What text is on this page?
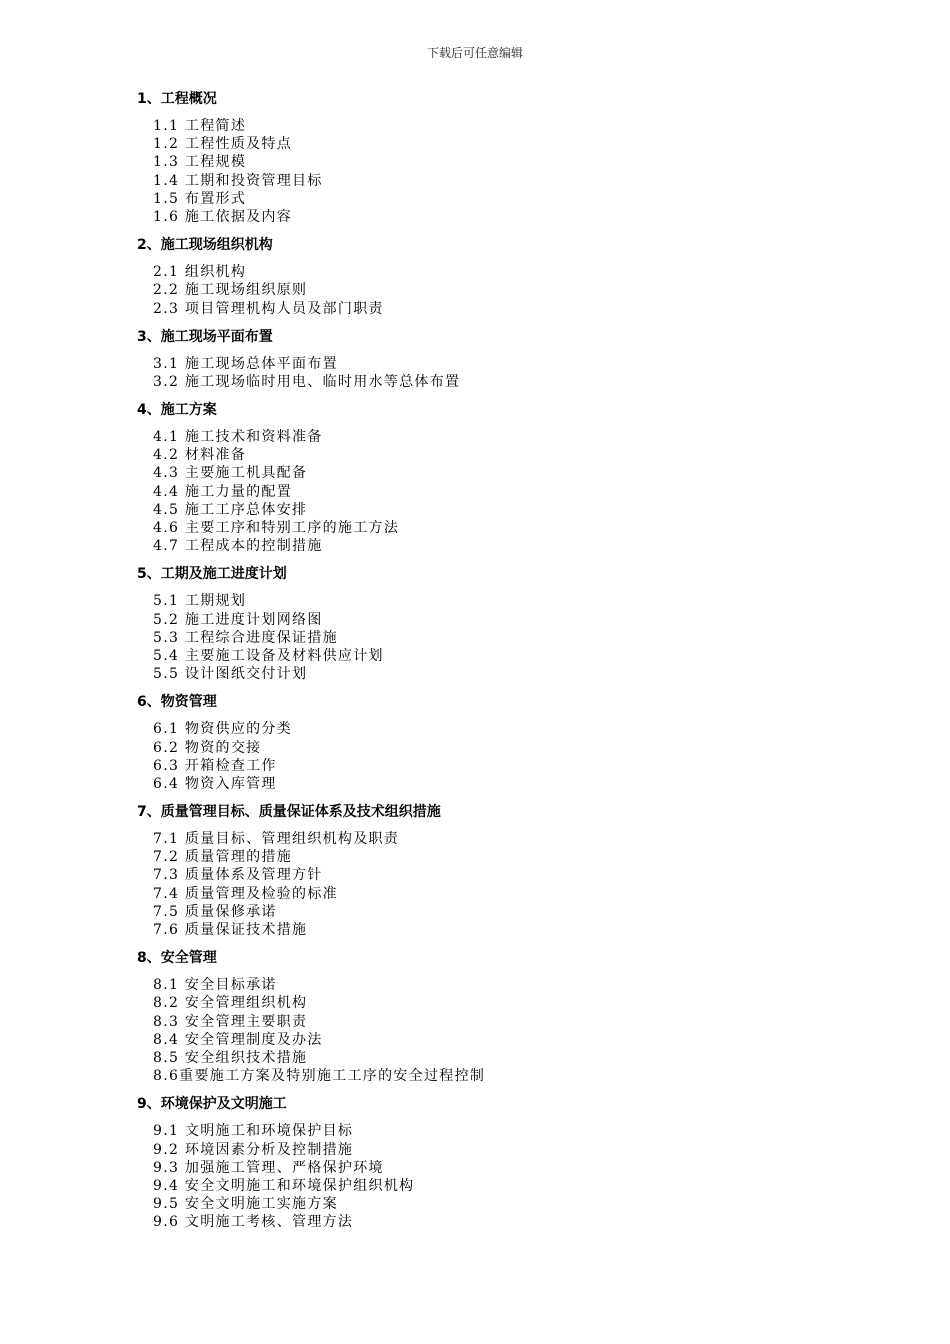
下载后可任意编辑
1、工程概况
1.1 工程简述
1.2 工程性质及特点
1.3 工程规模
1.4 工期和投资管理目标
1.5 布置形式
1.6 施工依据及内容
2、施工现场组织机构
2.1 组织机构
2.2 施工现场组织原则
2.3 项目管理机构人员及部门职责
3、施工现场平面布置
3.1 施工现场总体平面布置
3.2 施工现场临时用电、临时用水等总体布置
4、施工方案
4.1 施工技术和资料准备
4.2 材料准备
4.3 主要施工机具配备
4.4 施工力量的配置
4.5 施工工序总体安排
4.6 主要工序和特别工序的施工方法
4.7 工程成本的控制措施
5、工期及施工进度计划
5.1 工期规划
5.2 施工进度计划网络图
5.3 工程综合进度保证措施
5.4 主要施工设备及材料供应计划
5.5 设计图纸交付计划
6、物资管理
6.1 物资供应的分类
6.2 物资的交接
6.3 开箱检查工作
6.4 物资入库管理
7、质量管理目标、质量保证体系及技术组织措施
7.1 质量目标、管理组织机构及职责
7.2 质量管理的措施
7.3 质量体系及管理方针
7.4 质量管理及检验的标准
7.5 质量保修承诺
7.6 质量保证技术措施
8、安全管理
8.1 安全目标承诺
8.2 安全管理组织机构
8.3 安全管理主要职责
8.4 安全管理制度及办法
8.5 安全组织技术措施
8.6重要施工方案及特别施工工序的安全过程控制
9、环境保护及文明施工
9.1 文明施工和环境保护目标
9.2 环境因素分析及控制措施
9.3 加强施工管理、严格保护环境
9.4 安全文明施工和环境保护组织机构
9.5 安全文明施工实施方案
9.6 文明施工考核、管理方法
